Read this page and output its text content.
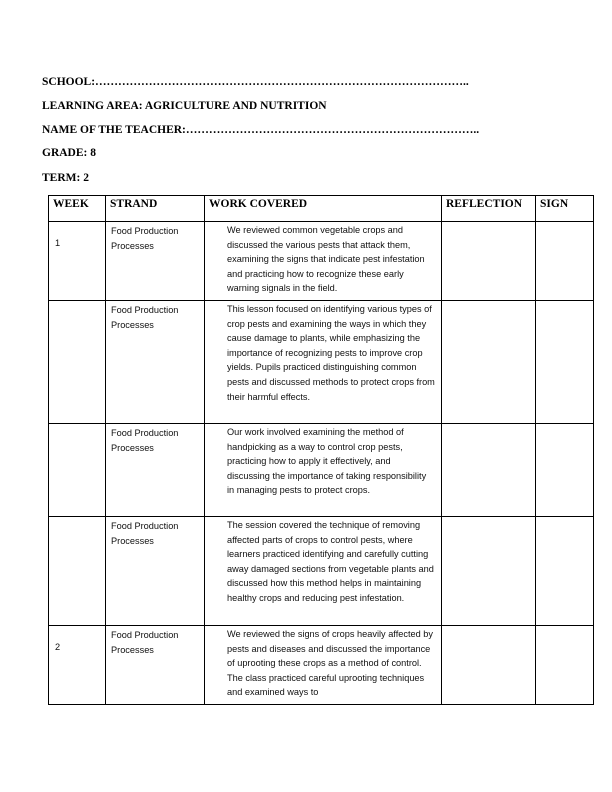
SCHOOL:……………………………………………………………………………………..
LEARNING AREA: AGRICULTURE AND NUTRITION
NAME OF THE TEACHER:…………………………………………………………………..
GRADE: 8
TERM: 2
WEEK	STRAND	WORK COVERED	REFLECTION	SIGN
1	Food Production Processes	We reviewed common vegetable crops and discussed the various pests that attack them, examining the signs that indicate pest infestation and practicing how to recognize these early warning signals in the field.		
	Food Production Processes	This lesson focused on identifying various types of crop pests and examining the ways in which they cause damage to plants, while emphasizing the importance of recognizing pests to improve crop yields. Pupils practiced distinguishing common pests and discussed methods to protect crops from their harmful effects.		
	Food Production Processes	Our work involved examining the method of handpicking as a way to control crop pests, practicing how to apply it effectively, and discussing the importance of taking responsibility in managing pests to protect crops.		
	Food Production Processes	The session covered the technique of removing affected parts of crops to control pests, where learners practiced identifying and carefully cutting away damaged sections from vegetable plants and discussed how this method helps in maintaining healthy crops and reducing pest infestation.		
2	Food Production Processes	We reviewed the signs of crops heavily affected by pests and diseases and discussed the importance of uprooting these crops as a method of control. The class practiced careful uprooting techniques and examined ways to		
